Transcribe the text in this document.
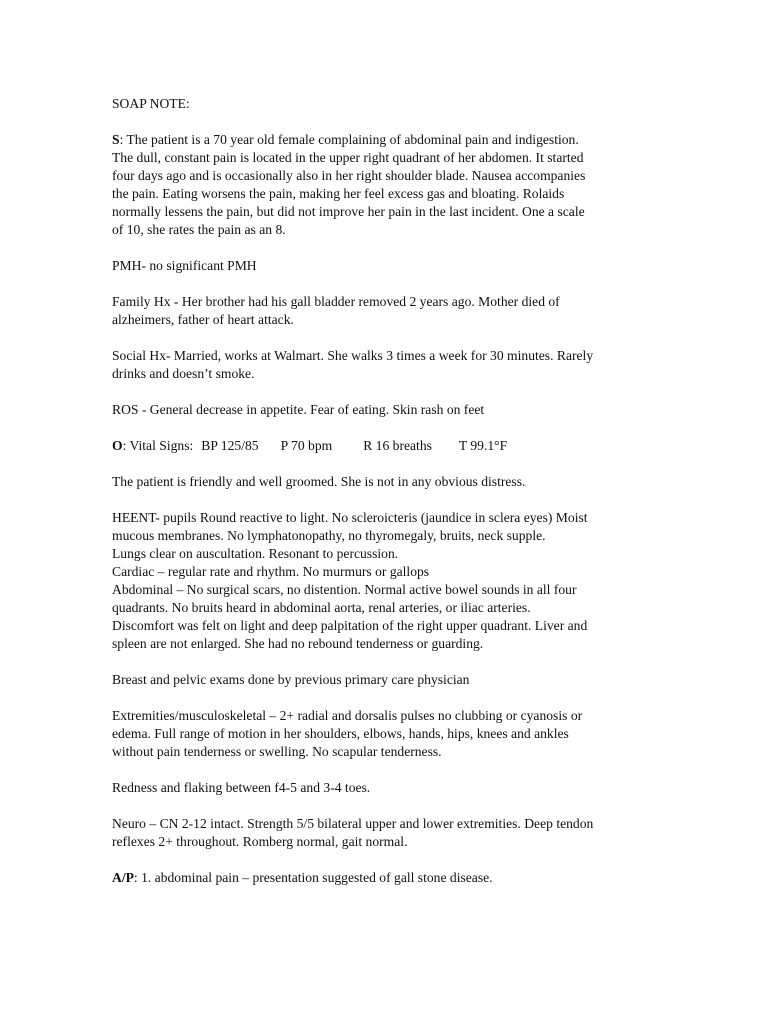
SOAP NOTE:

S: The patient is a 70 year old female complaining of abdominal pain and indigestion.
The dull, constant pain is located in the upper right quadrant of her abdomen. It started
four days ago and is occasionally also in her right shoulder blade. Nausea accompanies
the pain. Eating worsens the pain, making her feel excess gas and bloating. Rolaids
normally lessens the pain, but did not improve her pain in the last incident. One a scale
of 10, she rates the pain as an 8.

PMH- no significant PMH

Family Hx - Her brother had his gall bladder removed 2 years ago. Mother died of
alzheimers, father of heart attack.

Social Hx- Married, works at Walmart. She walks 3 times a week for 30 minutes. Rarely
drinks and doesn’t smoke.

ROS - General decrease in appetite. Fear of eating. Skin rash on feet

O: Vital Signs: BP 125/85 P 70 bpm R 16 breaths T 99.1°F

The patient is friendly and well groomed. She is not in any obvious distress.

HEENT- pupils Round reactive to light. No scleroicteris (jaundice in sclera eyes) Moist
mucous membranes. No lymphatonopathy, no thyromegaly, bruits, neck supple.
Lungs clear on auscultation. Resonant to percussion.
Cardiac – regular rate and rhythm. No murmurs or gallops
Abdominal – No surgical scars, no distention. Normal active bowel sounds in all four
quadrants. No bruits heard in abdominal aorta, renal arteries, or iliac arteries.
Discomfort was felt on light and deep palpitation of the right upper quadrant. Liver and
spleen are not enlarged. She had no rebound tenderness or guarding.

Breast and pelvic exams done by previous primary care physician

Extremities/musculoskeletal – 2+ radial and dorsalis pulses no clubbing or cyanosis or
edema. Full range of motion in her shoulders, elbows, hands, hips, knees and ankles
without pain tenderness or swelling. No scapular tenderness.

Redness and flaking between f4-5 and 3-4 toes.

Neuro – CN 2-12 intact. Strength 5/5 bilateral upper and lower extremities. Deep tendon
reflexes 2+ throughout. Romberg normal, gait normal.

A/P: 1. abdominal pain – presentation suggested of gall stone disease.
